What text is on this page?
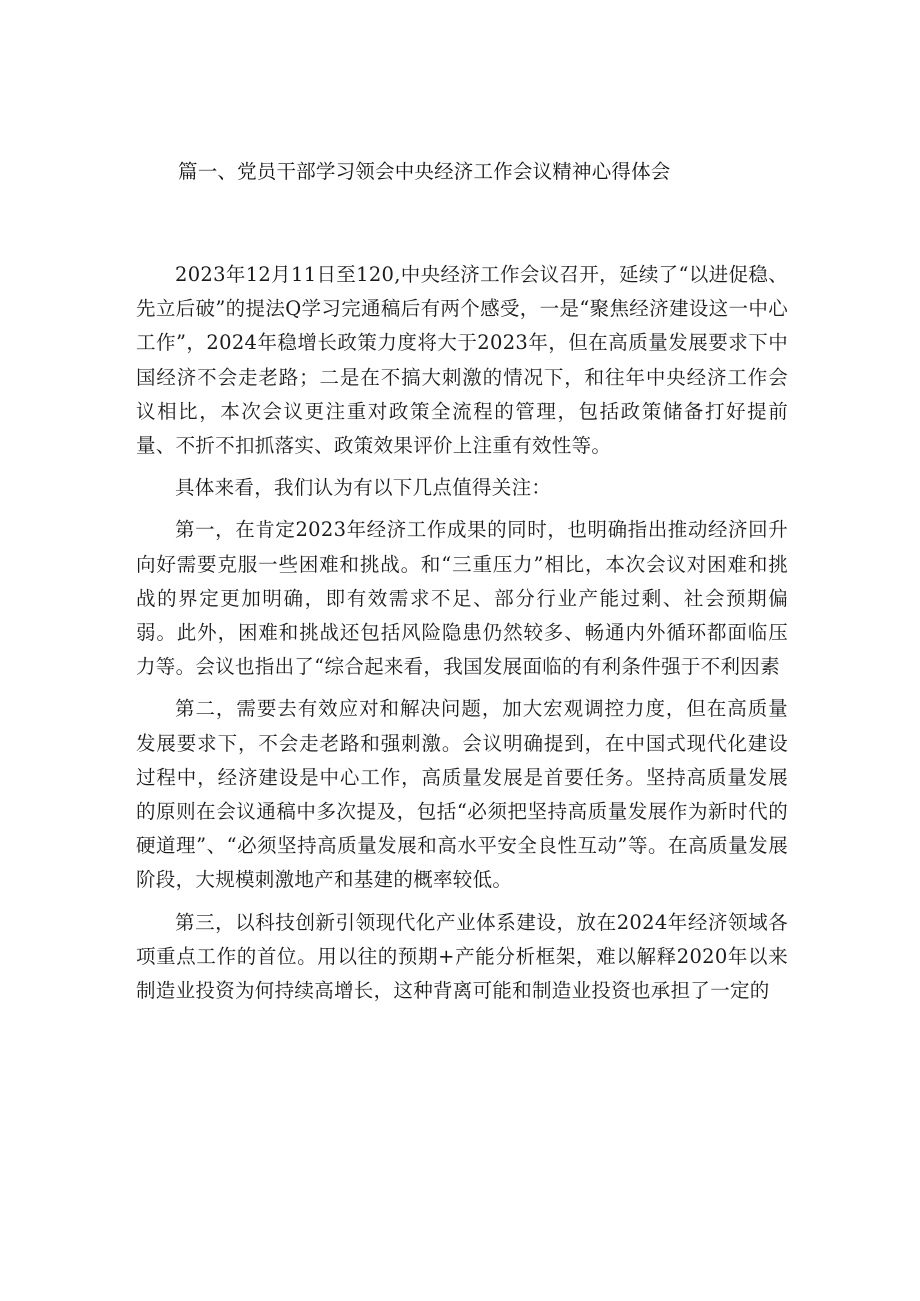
篇一、党员干部学习领会中央经济工作会议精神心得体会

2023年12月11日至120,中央经济工作会议召开，延续了“以进促稳、先立后破”的提法Q学习完通稿后有两个感受，一是“聚焦经济建设这一中心工作”，2024年稳增长政策力度将大于2023年，但在高质量发展要求下中国经济不会走老路；二是在不搞大刺激的情况下，和往年中央经济工作会议相比，本次会议更注重对政策全流程的管理，包括政策储备打好提前量、不折不扣抓落实、政策效果评价上注重有效性等。

具体来看，我们认为有以下几点值得关注：

第一，在肯定2023年经济工作成果的同时，也明确指出推动经济回升向好需要克服一些困难和挑战。和“三重压力”相比，本次会议对困难和挑战的界定更加明确，即有效需求不足、部分行业产能过剩、社会预期偏弱。此外，困难和挑战还包括风险隐患仍然较多、畅通内外循环都面临压力等。会议也指出了“综合起来看，我国发展面临的有利条件强于不利因素

第二，需要去有效应对和解决问题，加大宏观调控力度，但在高质量发展要求下，不会走老路和强刺激。会议明确提到，在中国式现代化建设过程中，经济建设是中心工作，高质量发展是首要任务。坚持高质量发展的原则在会议通稿中多次提及，包括“必须把坚持高质量发展作为新时代的硬道理”、“必须坚持高质量发展和高水平安全良性互动”等。在高质量发展阶段，大规模刺激地产和基建的概率较低。

第三，以科技创新引领现代化产业体系建设，放在2024年经济领域各项重点工作的首位。用以往的预期+产能分析框架，难以解释2020年以来制造业投资为何持续高增长，这种背离可能和制造业投资也承担了一定的
